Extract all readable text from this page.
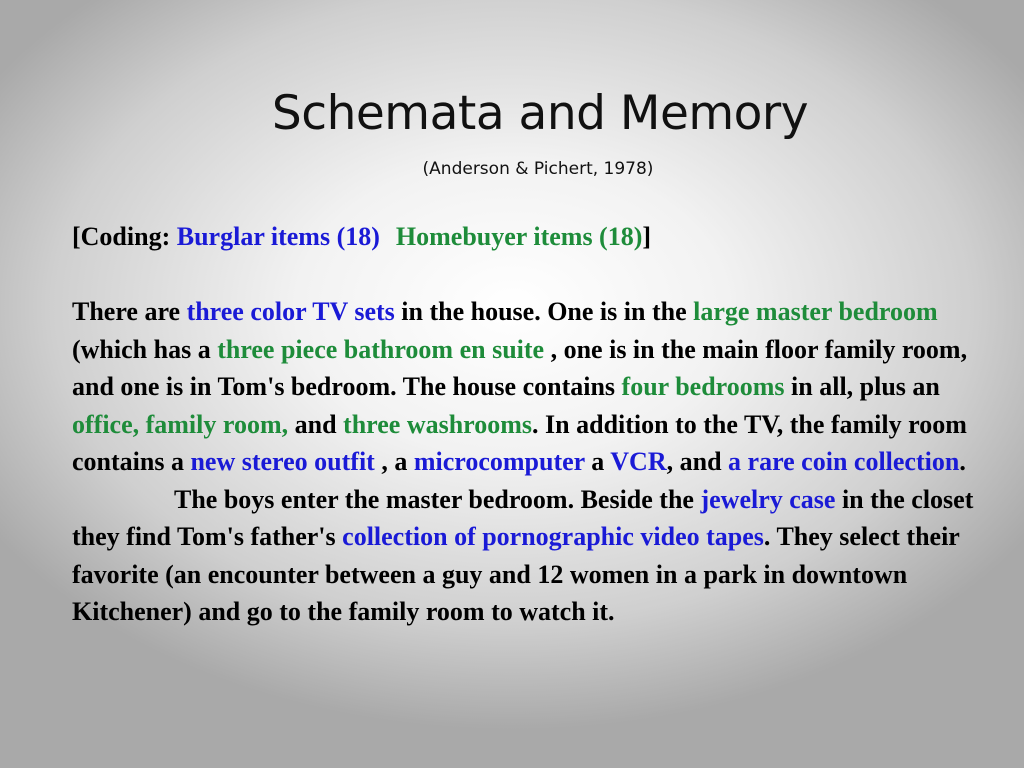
Schemata and Memory
(Anderson & Pichert, 1978)

[Coding: Burglar items (18) Homebuyer items (18)]

There are three color TV sets in the house. One is in the large master bedroom (which has a three piece bathroom en suite , one is in the main floor family room, and one is in Tom's bedroom. The house contains four bedrooms in all, plus an office, family room, and three washrooms. In addition to the TV, the family room contains a new stereo outfit , a microcomputer a VCR, and a rare coin collection.
The boys enter the master bedroom. Beside the jewelry case in the closet they find Tom's father's collection of pornographic video tapes. They select their favorite (an encounter between a guy and 12 women in a park in downtown Kitchener) and go to the family room to watch it.
